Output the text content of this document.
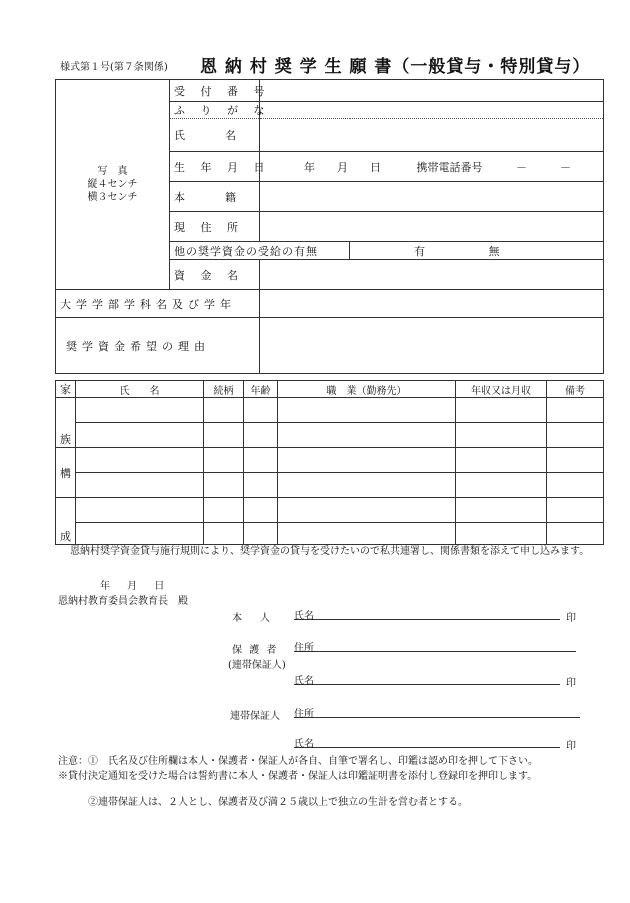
様式第１号(第７条関係) 恩 納 村 奨 学 生 願 書（一般貸与・特別貸与）
写　真
縦４センチ
横３センチ	受 付 番 号		
	ふ り が な		
	氏　　名		
	生 年 月 日	年　　月　　日 携帯電話番号 －　　　－	
	本　　籍		
	現 住 所		
	他の奨学資金の受給の有無		有 無
	資 金 名		
大学学部学科名及び学年			
奨学資金希望の理由			
家	氏　　名	続柄	年齢	職　業（勤務先）	年収又は月収	備考
族						

構						

成						

恩納村奨学資金貸与施行規則により、奨学資金の貸与を受けたいので私共連署し、関係書類を添えて申し込みます。
年 月 日
恩納村教育委員会教育長　殿
本　人 氏名	印
保 護 者
(連帯保証人)
住所
氏名	印
連帯保証人 住所
氏名	印
注意：①　氏名及び住所欄は本人・保護者・保証人が各自、自筆で署名し、印鑑は認め印を押して下さい。
※貸付決定通知を受けた場合は誓約書に本人・保護者・保証人は印鑑証明書を添付し登録印を押印します。
②連帯保証人は、２人とし、保護者及び満２５歳以上で独立の生計を営む者とする。
